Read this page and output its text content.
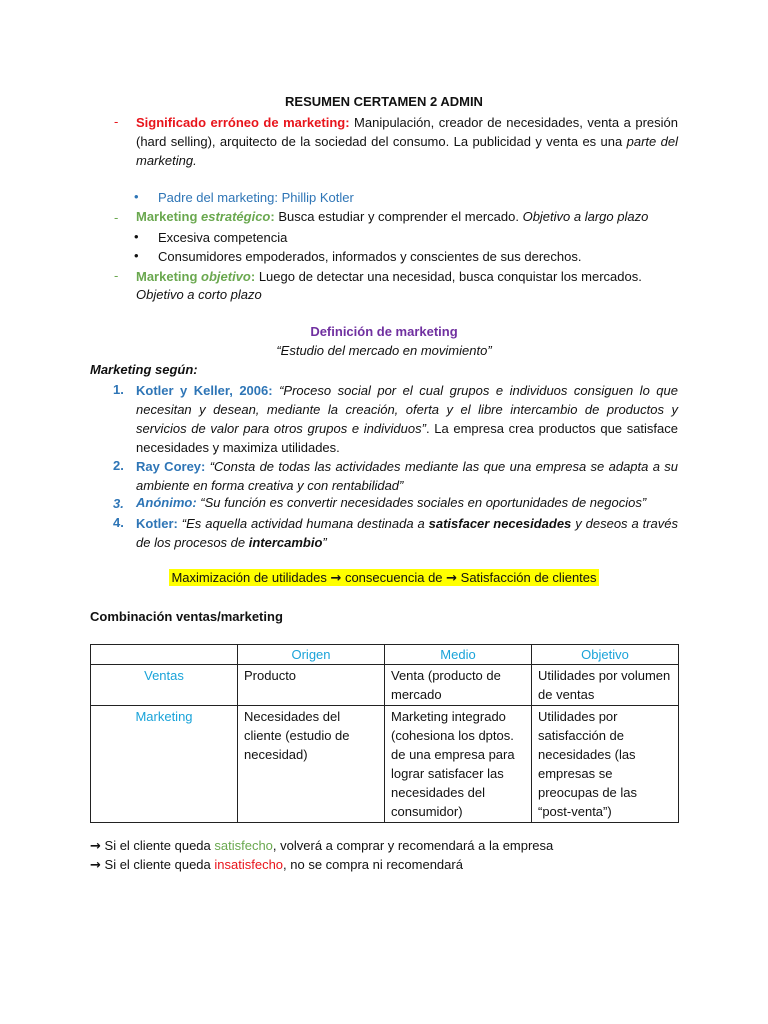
RESUMEN CERTAMEN 2 ADMIN
- Significado erróneo de marketing: Manipulación, creador de necesidades, venta a presión (hard selling), arquitecto de la sociedad del consumo. La publicidad y venta es una parte del marketing.
• Padre del marketing: Phillip Kotler
- Marketing estratégico: Busca estudiar y comprender el mercado. Objetivo a largo plazo
• Excesiva competencia
• Consumidores empoderados, informados y conscientes de sus derechos.
- Marketing objetivo: Luego de detectar una necesidad, busca conquistar los mercados.
Objetivo a corto plazo
Definición de marketing
“Estudio del mercado en movimiento”
Marketing según:
1. Kotler y Keller, 2006: “Proceso social por el cual grupos e individuos consiguen lo que necesitan y desean, mediante la creación, oferta y el libre intercambio de productos y servicios de valor para otros grupos e individuos”. La empresa crea productos que satisface necesidades y maximiza utilidades.
2. Ray Corey: “Consta de todas las actividades mediante las que una empresa se adapta a su ambiente en forma creativa y con rentabilidad”
3. Anónimo: “Su función es convertir necesidades sociales en oportunidades de negocios”
4. Kotler: “Es aquella actividad humana destinada a satisfacer necesidades y deseos a través de los procesos de intercambio”
Maximización de utilidades → consecuencia de → Satisfacción de clientes
Combinación ventas/marketing
	Origen	Medio	Objetivo
Ventas	Producto	Venta (producto de mercado	Utilidades por volumen de ventas
Marketing	Necesidades del cliente (estudio de necesidad)	Marketing integrado (cohesiona los dptos. de una empresa para lograr satisfacer las necesidades del consumidor)	Utilidades por satisfacción de necesidades (las empresas se preocupas de las “post-venta”)
→ Si el cliente queda satisfecho, volverá a comprar y recomendará a la empresa
→ Si el cliente queda insatisfecho, no se compra ni recomendará
